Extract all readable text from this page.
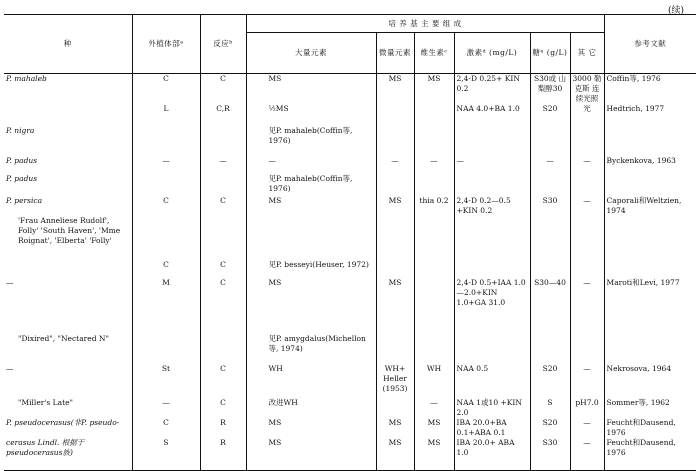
(续)
种	外植体部ᵃ	反应ᵇ	培 养 基 主 要 组 成						参考文献
			大量元素	微量元素	维生素ᶜ	激素ᵈ (mg/L)	糖ᵉ (g/L)	其 它	
P. mahaleb	C	C	MS	MS	MS	2,4-D 0.25+ KIN 0.2	S30或 山梨醇30	3000 勒克斯 连续光照	Coffin等, 1976
	L	C,R	½MS			NAA 4.0+BA 1.0	S20	光	Hedtrich, 1977
P. nigra			见P. mahaleb(Coffin等, 1976)						
P. padus	—	—	—	—	—	—	—	—	Byckenkova, 1963
P. padus			见P. mahaleb(Coffin等, 1976)						
P. persica	C	C	MS	MS	thia 0.2	2,4-D 0.2—0.5 +KIN 0.2	S30	—	Caporali和Weltzien, 1974
'Frau Anneliese Rudolf', Folly' 'South Haven', 'Mme Roignat', 'Elberta' 'Folly'									
	C	C	见P. besseyi(Heuser, 1972)						
—	M	C	MS	MS		2,4-D 0.5+IAA 1.0—2.0+KIN 1.0+GA 31.0	S30—40	—	Maroti和Levi, 1977
"Dixired", "Nectared N"			见P. amygdalus(Michellon 等, 1974)						
—	St	C	WH	WH+ Heller (1953)	WH	NAA 0.5	S20	—	Nekrosova, 1964
"Miller's Late"	—	C	改进WH		—	NAA 1或10 +KIN 2.0	S	pH7.0	Sommer等, 1962
P. pseudocerasus(非P. pseudo-	C	R	MS	MS	MS	IBA 20.0+BA 0.1+ABA 0.1	S20	—	Feucht和Dausend, 1976
cerasus Lindl. 根据于 pseudocerasus族)	S	R	MS	MS	MS	IBA 20.0+ ABA 1.0	S30	—	Feucht和Dausend, 1976
